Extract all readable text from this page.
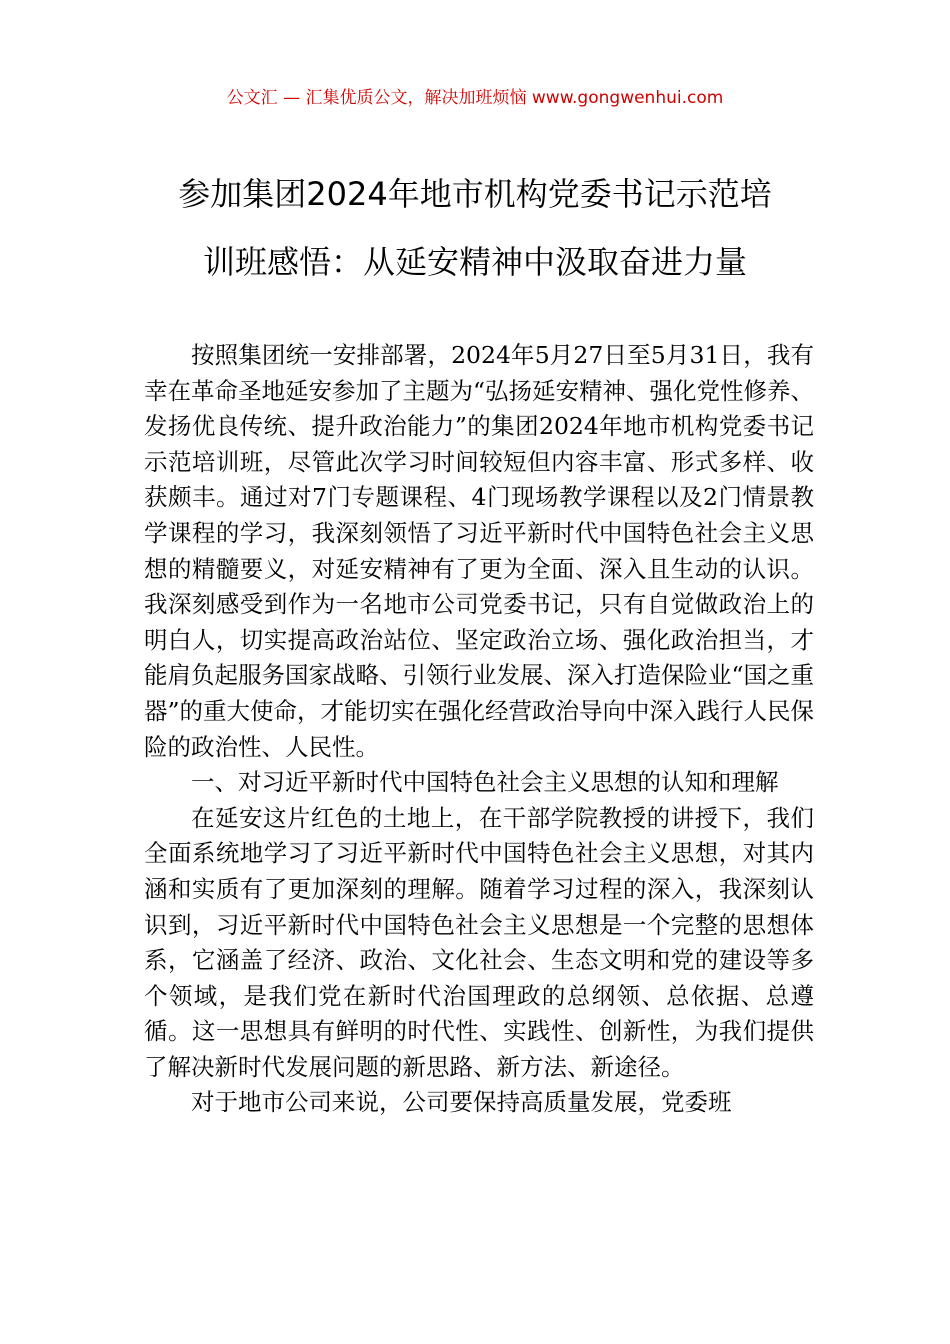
公文汇 — 汇集优质公文，解决加班烦恼 www.gongwenhui.com
参加集团2024年地市机构党委书记示范培
训班感悟：从延安精神中汲取奋进力量

按照集团统一安排部署，2024年5月27日至5月31日，我有幸在革命圣地延安参加了主题为“弘扬延安精神、强化党性修养、发扬优良传统、提升政治能力”的集团2024年地市机构党委书记示范培训班，尽管此次学习时间较短但内容丰富、形式多样、收获颇丰。通过对7门专题课程、4门现场教学课程以及2门情景教学课程的学习，我深刻领悟了习近平新时代中国特色社会主义思想的精髓要义，对延安精神有了更为全面、深入且生动的认识。我深刻感受到作为一名地市公司党委书记，只有自觉做政治上的明白人，切实提高政治站位、坚定政治立场、强化政治担当，才能肩负起服务国家战略、引领行业发展、深入打造保险业“国之重器”的重大使命，才能切实在强化经营政治导向中深入践行人民保险的政治性、人民性。

一、对习近平新时代中国特色社会主义思想的认知和理解

在延安这片红色的土地上，在干部学院教授的讲授下，我们全面系统地学习了习近平新时代中国特色社会主义思想，对其内涵和实质有了更加深刻的理解。随着学习过程的深入，我深刻认识到，习近平新时代中国特色社会主义思想是一个完整的思想体系，它涵盖了经济、政治、文化社会、生态文明和党的建设等多个领域，是我们党在新时代治国理政的总纲领、总依据、总遵循。这一思想具有鲜明的时代性、实践性、创新性，为我们提供了解决新时代发展问题的新思路、新方法、新途径。

对于地市公司来说，公司要保持高质量发展，党委班
